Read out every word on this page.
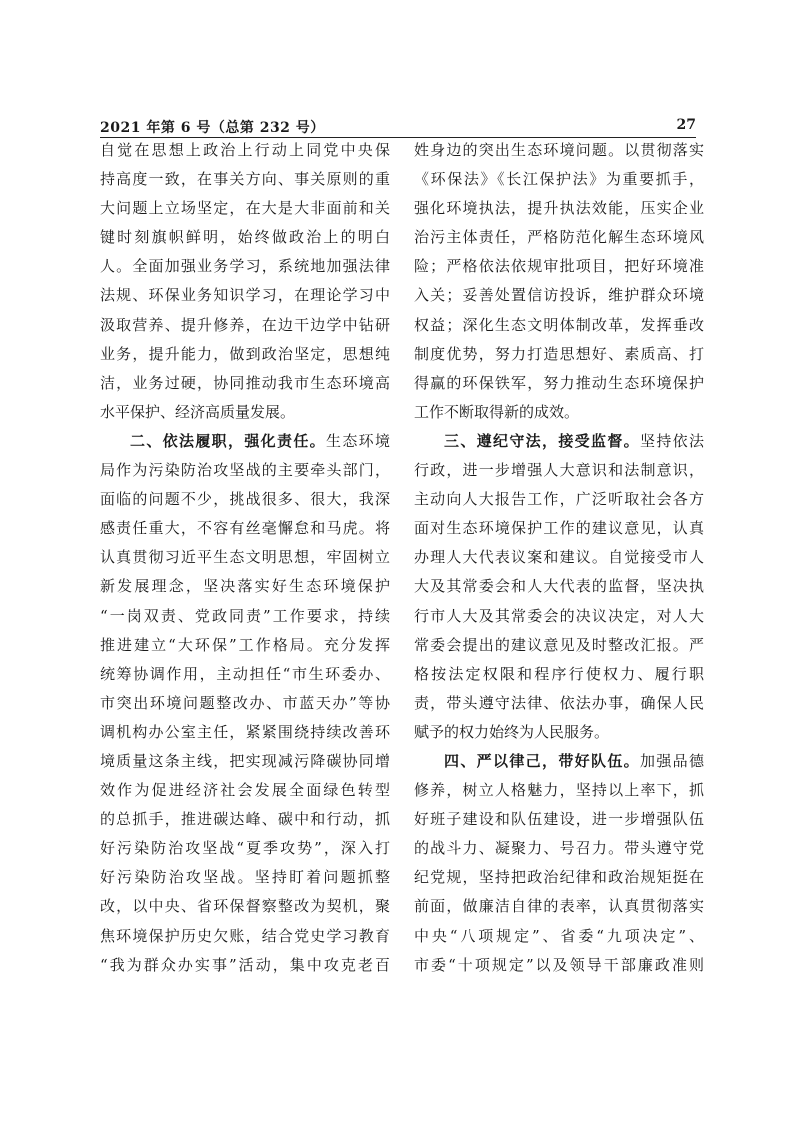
2021 年第 6 号（总第 232 号）	27
自觉在思想上政治上行动上同党中央保
持高度一致，在事关方向、事关原则的重
大问题上立场坚定，在大是大非面前和关
键时刻旗帜鲜明，始终做政治上的明白
人。全面加强业务学习，系统地加强法律
法规、环保业务知识学习，在理论学习中
汲取营养、提升修养，在边干边学中钻研
业务，提升能力，做到政治坚定，思想纯
洁，业务过硬，协同推动我市生态环境高
水平保护、经济高质量发展。
二、依法履职，强化责任。生态环境
局作为污染防治攻坚战的主要牵头部门，
面临的问题不少，挑战很多、很大，我深
感责任重大，不容有丝毫懈怠和马虎。将
认真贯彻习近平生态文明思想，牢固树立
新发展理念，坚决落实好生态环境保护
“一岗双责、党政同责”工作要求，持续
推进建立“大环保”工作格局。充分发挥
统筹协调作用，主动担任“市生环委办、
市突出环境问题整改办、市蓝天办”等协
调机构办公室主任，紧紧围绕持续改善环
境质量这条主线，把实现减污降碳协同增
效作为促进经济社会发展全面绿色转型
的总抓手，推进碳达峰、碳中和行动，抓
好污染防治攻坚战“夏季攻势”，深入打
好污染防治攻坚战。坚持盯着问题抓整
改，以中央、省环保督察整改为契机，聚
焦环境保护历史欠账，结合党史学习教育
“我为群众办实事”活动，集中攻克老百
姓身边的突出生态环境问题。以贯彻落实
《环保法》《长江保护法》为重要抓手，
强化环境执法，提升执法效能，压实企业
治污主体责任，严格防范化解生态环境风
险；严格依法依规审批项目，把好环境准
入关；妥善处置信访投诉，维护群众环境
权益；深化生态文明体制改革，发挥垂改
制度优势，努力打造思想好、素质高、打
得赢的环保铁军，努力推动生态环境保护
工作不断取得新的成效。
三、遵纪守法，接受监督。坚持依法
行政，进一步增强人大意识和法制意识，
主动向人大报告工作，广泛听取社会各方
面对生态环境保护工作的建议意见，认真
办理人大代表议案和建议。自觉接受市人
大及其常委会和人大代表的监督，坚决执
行市人大及其常委会的决议决定，对人大
常委会提出的建议意见及时整改汇报。严
格按法定权限和程序行使权力、履行职
责，带头遵守法律、依法办事，确保人民
赋予的权力始终为人民服务。
四、严以律己，带好队伍。加强品德
修养，树立人格魅力，坚持以上率下，抓
好班子建设和队伍建设，进一步增强队伍
的战斗力、凝聚力、号召力。带头遵守党
纪党规，坚持把政治纪律和政治规矩挺在
前面，做廉洁自律的表率，认真贯彻落实
中央“八项规定”、省委“九项决定”、
市委“十项规定”以及领导干部廉政准则
